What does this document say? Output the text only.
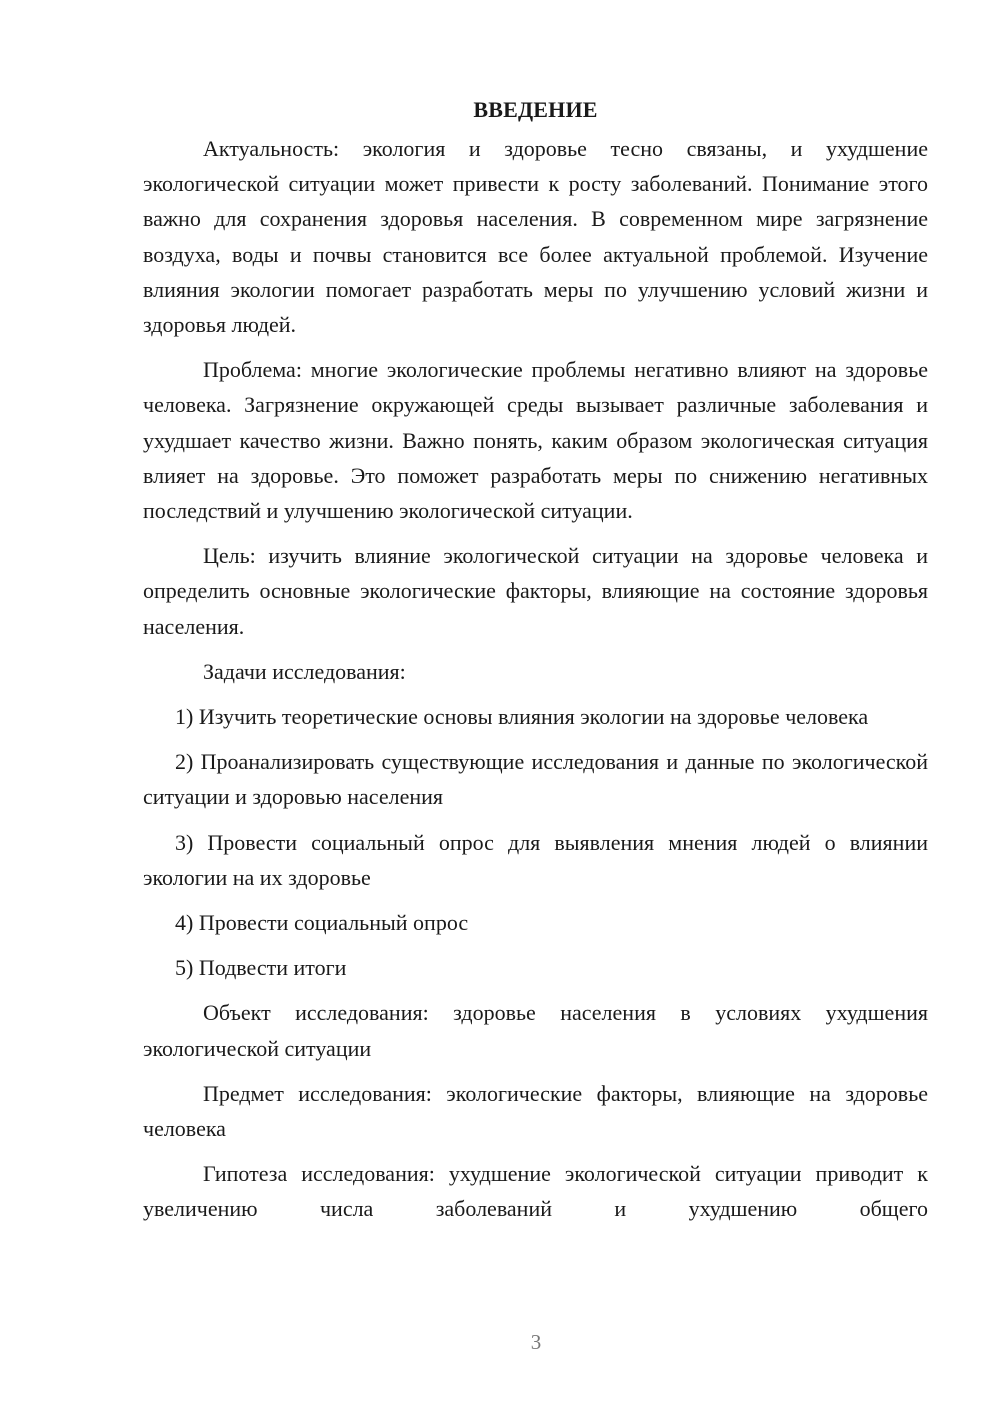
ВВЕДЕНИЕ

Актуальность: экология и здоровье тесно связаны, и ухудшение экологической ситуации может привести к росту заболеваний. Понимание этого важно для сохранения здоровья населения. В современном мире загрязнение воздуха, воды и почвы становится все более актуальной проблемой. Изучение влияния экологии помогает разработать меры по улучшению условий жизни и здоровья людей.

Проблема: многие экологические проблемы негативно влияют на здоровье человека. Загрязнение окружающей среды вызывает различные заболевания и ухудшает качество жизни. Важно понять, каким образом экологическая ситуация влияет на здоровье. Это поможет разработать меры по снижению негативных последствий и улучшению экологической ситуации.

Цель: изучить влияние экологической ситуации на здоровье человека и определить основные экологические факторы, влияющие на состояние здоровья населения.

Задачи исследования:

1) Изучить теоретические основы влияния экологии на здоровье человека

2) Проанализировать существующие исследования и данные по экологической ситуации и здоровью населения

3) Провести социальный опрос для выявления мнения людей о влиянии экологии на их здоровье

4) Провести социальный опрос

5) Подвести итоги

Объект исследования: здоровье населения в условиях ухудшения экологической ситуации

Предмет исследования: экологические факторы, влияющие на здоровье человека

Гипотеза исследования: ухудшение экологической ситуации приводит к увеличению числа заболеваний и ухудшению общего

3
